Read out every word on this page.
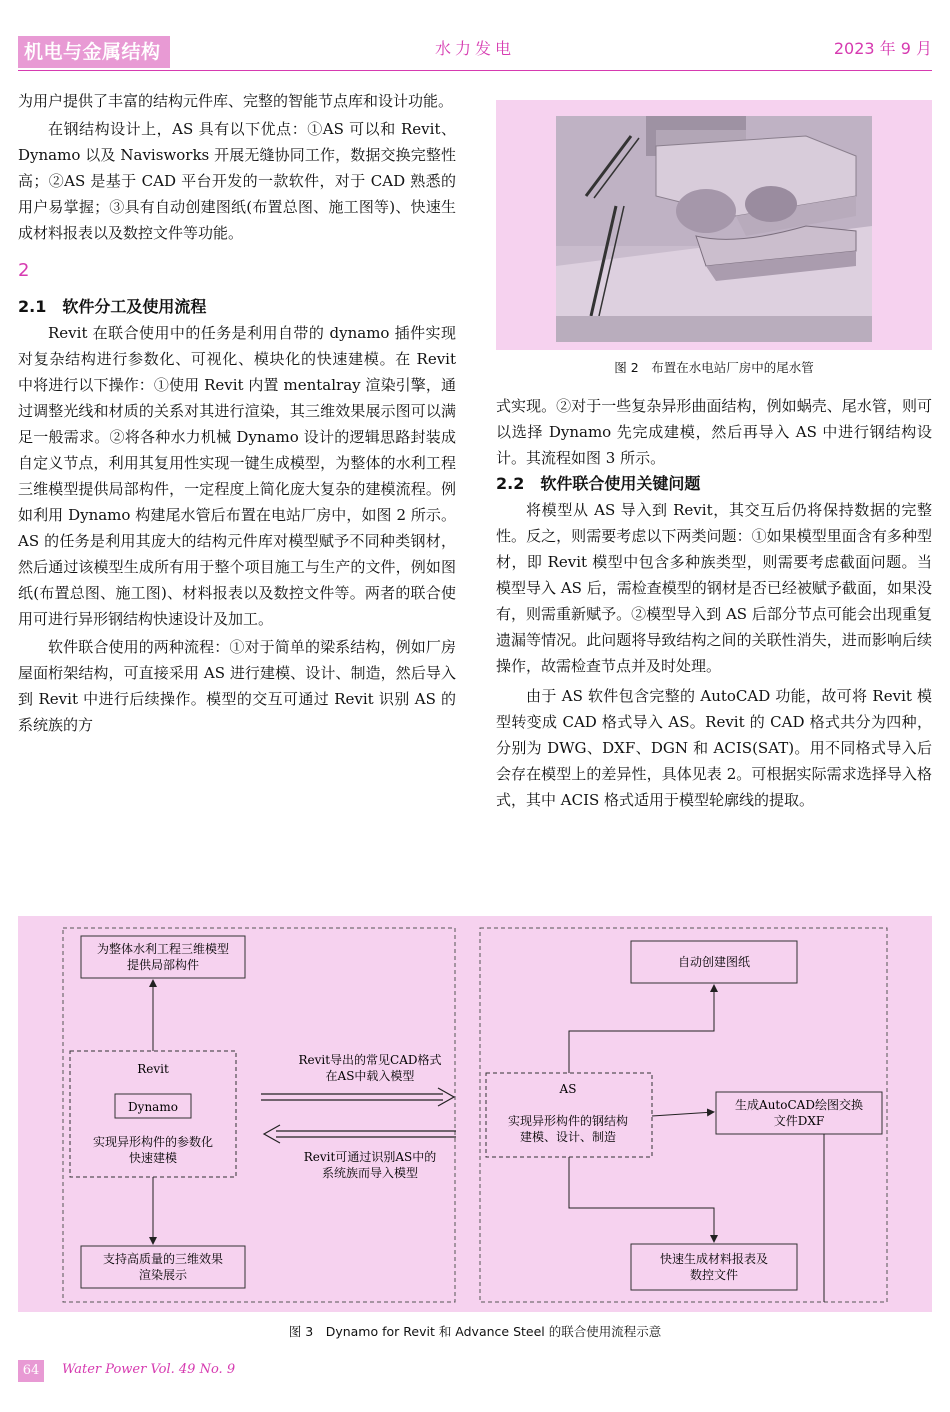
机电与金属结构	水力发电	2023 年 9 月

为用户提供了丰富的结构元件库、完整的智能节点库和设计功能。

在钢结构设计上，AS 具有以下优点：①AS 可以和 Revit、Dynamo 以及 Navisworks 开展无缝协同工作，数据交换完整性高；②AS 是基于 CAD 平台开发的一款软件，对于 CAD 熟悉的用户易掌握；③具有自动创建图纸(布置总图、施工图等)、快速生成材料报表以及数控文件等功能。

2

2.1　软件分工及使用流程

Revit 在联合使用中的任务是利用自带的 dynamo 插件实现对复杂结构进行参数化、可视化、模块化的快速建模。在 Revit 中将进行以下操作：①使用 Revit 内置 mentalray 渲染引擎，通过调整光线和材质的关系对其进行渲染，其三维效果展示图可以满足一般需求。②将各种水力机械 Dynamo 设计的逻辑思路封装成自定义节点，利用其复用性实现一键生成模型，为整体的水利工程三维模型提供局部构件，一定程度上简化庞大复杂的建模流程。例如利用 Dynamo 构建尾水管后布置在电站厂房中，如图 2 所示。AS 的任务是利用其庞大的结构元件库对模型赋予不同种类钢材，然后通过该模型生成所有用于整个项目施工与生产的文件，例如图纸(布置总图、施工图)、材料报表以及数控文件等。两者的联合使用可进行异形钢结构快速设计及加工。

软件联合使用的两种流程：①对于简单的梁系结构，例如厂房屋面桁架结构，可直接采用 AS 进行建模、设计、制造，然后导入到 Revit 中进行后续操作。模型的交互可通过 Revit 识别 AS 的系统族的方

图 2　布置在水电站厂房中的尾水管

式实现。②对于一些复杂异形曲面结构，例如蜗壳、尾水管，则可以选择 Dynamo 先完成建模，然后再导入 AS 中进行钢结构设计。其流程如图 3 所示。

2.2　软件联合使用关键问题

将模型从 AS 导入到 Revit，其交互后仍将保持数据的完整性。反之，则需要考虑以下两类问题：①如果模型里面含有多种型材，即 Revit 模型中包含多种族类型，则需要考虑截面问题。当模型导入 AS 后，需检查模型的钢材是否已经被赋予截面，如果没有，则需重新赋予。②模型导入到 AS 后部分节点可能会出现重复遗漏等情况。此问题将导致结构之间的关联性消失，进而影响后续操作，故需检查节点并及时处理。

由于 AS 软件包含完整的 AutoCAD 功能，故可将 Revit 模型转变成 CAD 格式导入 AS。Revit 的 CAD 格式共分为四种，分别为 DWG、DXF、DGN 和 ACIS(SAT)。用不同格式导入后会存在模型上的差异性，具体见表 2。可根据实际需求选择导入格式，其中 ACIS 格式适用于模型轮廓线的提取。

为整体水利工程三维模型
提供局部构件
Revit
Dynamo
实现异形构件的参数化
快速建模
支持高质量的三维效果
渲染展示
Revit导出的常见CAD格式
在AS中载入模型
Revit可通过识别AS中的
系统族而导入模型
AS
实现异形构件的钢结构
建模、设计、制造
自动创建图纸
生成AutoCAD绘图交换
文件DXF
快速生成材料报表及
数控文件
图 3　Dynamo for Revit 和 Advance Steel 的联合使用流程示意
64	Water Power Vol. 49 No. 9
